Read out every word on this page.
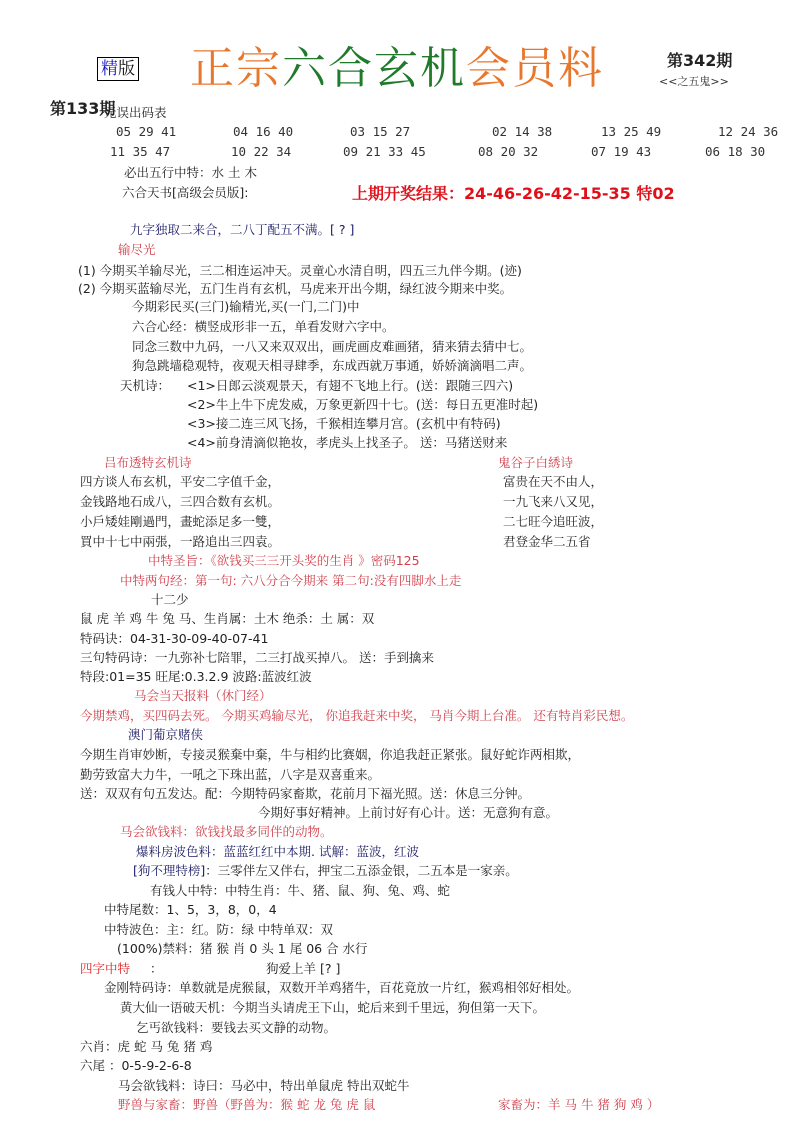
精版 正宗六合玄机会员料	第342期
<<之五鬼>>
第133期
无误出码表
05 29 41	04 16 40	03 15 27	02 14 38	13 25 49	12 24 36
11 35 47	10 22 34	09 21 33 45	08 20 32	07 19 43	06 18 30
必出五行中特：水 土 木
六合天书[高级会员版]:	上期开奖结果：24-46-26-42-15-35 特02
九字独取二来合，二八丁配五不满。[ ? ]
输尽光
(1) 今期买羊输尽光，三二相连运冲天。灵童心水清自明，四五三九伴今期。(迹)
(2) 今期买蓝输尽光，五门生肖有玄机，马虎来开出今期，绿红波今期来中奖。
今期彩民买(三门)输精光,买(一门,二门)中
六合心经：横竖成形非一五，单看发财六字中。
同念三数中九码，一八又来双双出，画虎画皮难画猪，猜来猜去猜中七。
狗急跳墙稳观特，夜观天相寻肆季，东成西就万事通，娇娇滴滴唱二声。
天机诗： <1>日郎云淡观景天，有翅不飞地上行。(送：跟随三四六)
<2>牛上牛下虎发威，万象更新四十七。(送：每日五更准时起)
<3>接二连三风飞扬，千猴相连攀月宫。(玄机中有特码)
<4>前身清滴似艳妆，孝虎头上找圣子。 送：马猪送财来
吕布透特玄机诗
四方谈人布玄机，平安二字值千金，
金钱路地石成八，三四合数有玄机。
小戶矮娃剛過門，畫蛇添足多一雙，
買中十七中兩張，一路追出三四袁。
鬼谷子白綉诗
富贵在天不由人，
一九飞来八又见，
二七旺今追旺波，
君登金华二五省
中特圣旨：《欲钱买三三开头奖的生肖 》密码125
中特两句经：第一句: 六八分合今期来 第二句:没有四脚水上走
十二少
鼠 虎 羊 鸡 牛 兔 马、生肖属：土木 绝杀：土 属：双
特码诀：04-31-30-09-40-07-41
三句特码诗：一九弥补七陪罪，二三打战买掉八。 送：手到擒来
特段:01=35 旺尾:0.3.2.9 波路:蓝波红波
马会当天报料（休门经）
今期禁鸡，买四码去死。 今期买鸡输尽光， 你追我赶来中奖， 马肖今期上台准。 还有特肖彩民想。
澳门葡京赌侠
今期生肖审妙断，专接灵猴棄中棄，牛与相约比赛姻，你追我赶正紧张。鼠好蛇诈两相欺，
勤劳致富大力牛，一吼之下珠出蓝，八字是双喜重来。
送：双双有句五发达。配：今期特码家畜欺，花前月下福光照。送：休息三分钟。
今期好事好精神。上前讨好有心计。送：无意狗有意。
马会欲钱料：欲钱找最多同伴的动物。
爆料房波色料：蓝蓝红红中本期. 试解：蓝波，红波
[狗不理特榜]：三零伴左又伴右，押宝二五添金银，二五本是一家亲。
有钱人中特：中特生肖：牛、猪、鼠、狗、兔、鸡、蛇
中特尾数：1、5，3，8，0，4
中特波色：主：红。防：绿 中特单双：双
(100%)禁料：猪 猴 肖 0 头 1 尾 06 合 水行
四字中特 ：	狗爱上羊 [? ]
金刚特码诗：单数就是虎猴鼠，双数开羊鸡猪牛，百花竟放一片红，猴鸡相邻好相处。
黄大仙一语破天机：今期当头请虎王下山，蛇后来到千里远，狗但第一天下。
乞丐欲钱料：要钱去买文静的动物。
六肖：虎 蛇 马 兔 猪 鸡
六尾 ：0-5-9-2-6-8
马会欲钱料：诗曰：马必中，特出单鼠虎 特出双蛇牛
野兽与家畜：野兽（野兽为：猴 蛇 龙 兔 虎 鼠	家畜为：羊 马 牛 猪 狗 鸡 ）
